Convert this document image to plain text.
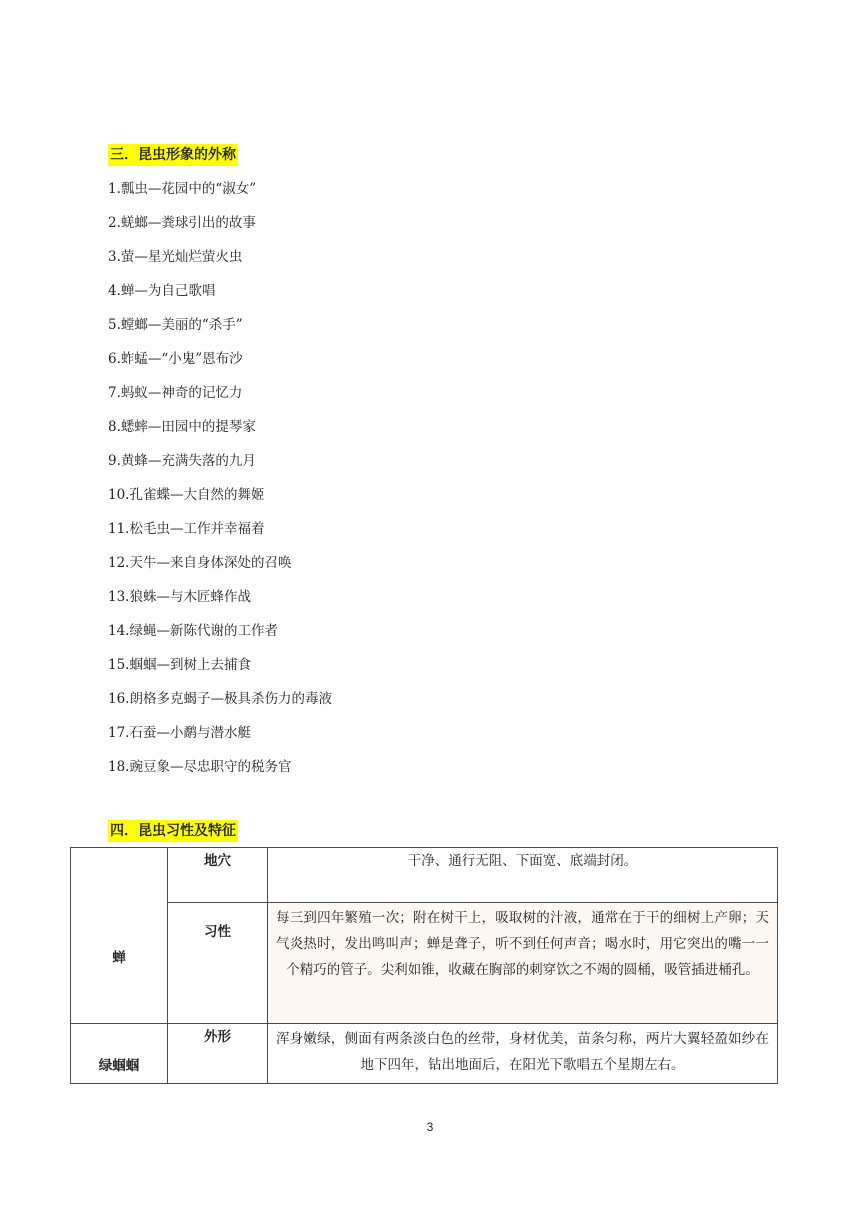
三．昆虫形象的外称
1.瓢虫—花园中的“淑女”
2.蜣螂—粪球引出的故事
3.萤—星光灿烂萤火虫
4.蝉—为自己歌唱
5.螳螂—美丽的“杀手”
6.蚱蜢—“小鬼”恩布沙
7.蚂蚁—神奇的记忆力
8.蟋蟀—田园中的提琴家
9.黄蜂—充满失落的九月
10.孔雀蝶—大自然的舞姬
11.松毛虫—工作并幸福着
12.天牛—来自身体深处的召唤
13.狼蛛—与木匠蜂作战
14.绿蝇—新陈代谢的工作者
15.蝈蝈—到树上去捕食
16.朗格多克蝎子—极具杀伤力的毒液
17.石蚕—小鹬与潜水艇
18.豌豆象—尽忠职守的税务官
四．昆虫习性及特征
蝉	地穴	干净、通行无阻、下面宽、底端封闭。
	习性	每三到四年繁殖一次；附在树干上，吸取树的汁液，通常在于干的细树上产卵；天气炎热时，发出鸣叫声；蝉是聋子，听不到任何声音；喝水时，用它突出的嘴一一个精巧的管子。尖利如锥，收藏在胸部的刺穿饮之不竭的圆桶，吸管插进桶孔。
绿蝈蝈	外形	浑身嫩绿，侧面有两条淡白色的丝带，身材优美，苗条匀称，两片大翼轻盈如纱在地下四年，钻出地面后，在阳光下歌唱五个星期左右。
3
